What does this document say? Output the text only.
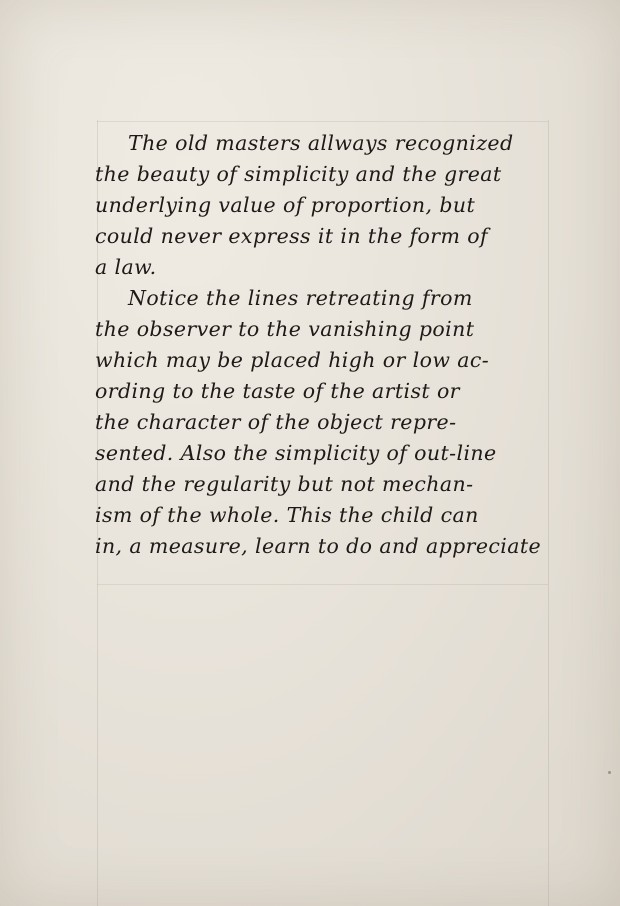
The old masters allways recognized
the beauty of simplicity and the great
underlying value of proportion, but
could never express it in the form of
a law.
Notice the lines retreating from
the observer to the vanishing point
which may be placed high or low ac-
ording to the taste of the artist or
the character of the object repre-
sented. Also the simplicity of out-line
and the regularity but not mechan-
ism of the whole. This the child can
in, a measure, learn to do and appreciate
